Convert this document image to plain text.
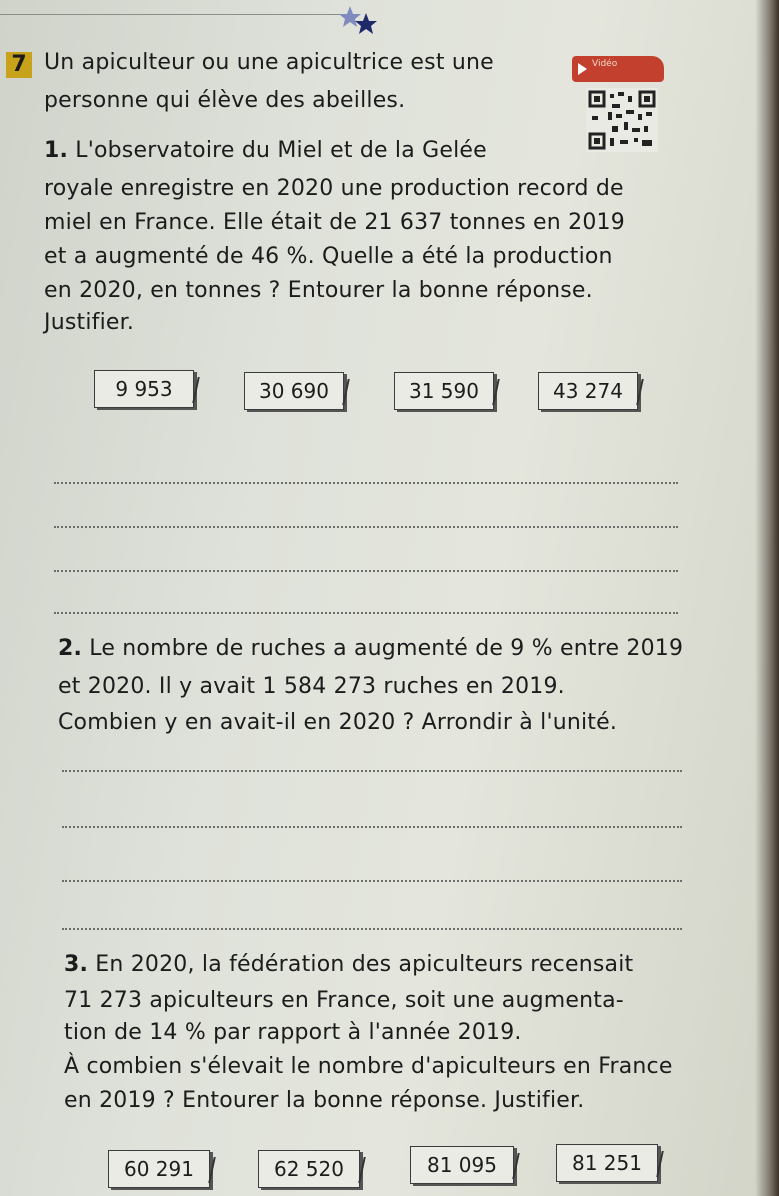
7 Un apiculteur ou une apicultrice est une
personne qui élève des abeilles.
Vidéo
1. L'observatoire du Miel et de la Gelée
royale enregistre en 2020 une production record de
miel en France. Elle était de 21 637 tonnes en 2019
et a augmenté de 46 %. Quelle a été la production
en 2020, en tonnes ? Entourer la bonne réponse.
Justifier.
9 953	30 690	31 590	43 274
2. Le nombre de ruches a augmenté de 9 % entre 2019
et 2020. Il y avait 1 584 273 ruches en 2019.
Combien y en avait-il en 2020 ? Arrondir à l'unité.
3. En 2020, la fédération des apiculteurs recensait
71 273 apiculteurs en France, soit une augmenta-
tion de 14 % par rapport à l'année 2019.
À combien s'élevait le nombre d'apiculteurs en France
en 2019 ? Entourer la bonne réponse. Justifier.
60 291	62 520	81 095	81 251
